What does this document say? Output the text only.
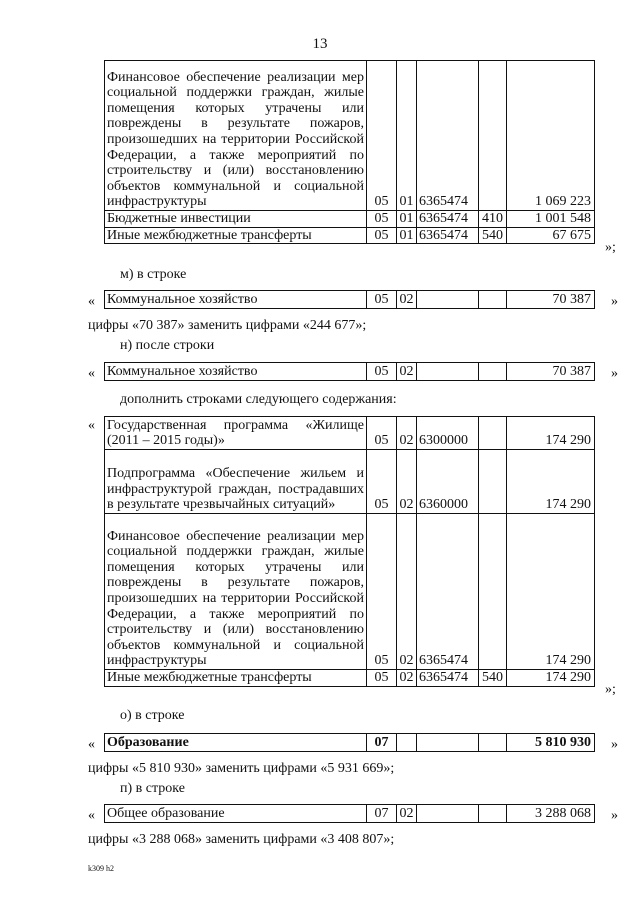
13
Финансовое обеспечение реализации мер социальной поддержки граждан, жилые помещения которых утрачены или повреждены в результате пожаров, произошедших на территории Российской Федерации, а также мероприятий по строительству и (или) восстановлению объектов коммунальной и социальной инфраструктуры	05	01	6365474		1 069 223
Бюджетные инвестиции	05	01	6365474	410	1 001 548
Иные межбюджетные трансферты	05	01	6365474	540	67 675
»;
м) в строке
« Коммунальное хозяйство	05	02			70 387 »
цифры «70 387» заменить цифрами «244 677»;
н) после строки
« Коммунальное хозяйство	05	02			70 387 »
дополнить строками следующего содержания:
« Государственная программа «Жилище (2011 – 2015 годы)»	05	02	6300000		174 290
Подпрограмма «Обеспечение жильем и инфраструктурой граждан, пострадавших в результате чрезвычайных ситуаций»	05	02	6360000		174 290
Финансовое обеспечение реализации мер социальной поддержки граждан, жилые помещения которых утрачены или повреждены в результате пожаров, произошедших на территории Российской Федерации, а также мероприятий по строительству и (или) восстановлению объектов коммунальной и социальной инфраструктуры	05	02	6365474		174 290
Иные межбюджетные трансферты	05	02	6365474	540	174 290
»;
о) в строке
« Образование	07				5 810 930 »
цифры «5 810 930» заменить цифрами «5 931 669»;
п) в строке
« Общее образование	07	02			3 288 068 »
цифры «3 288 068» заменить цифрами «3 408 807»;
k309 h2
